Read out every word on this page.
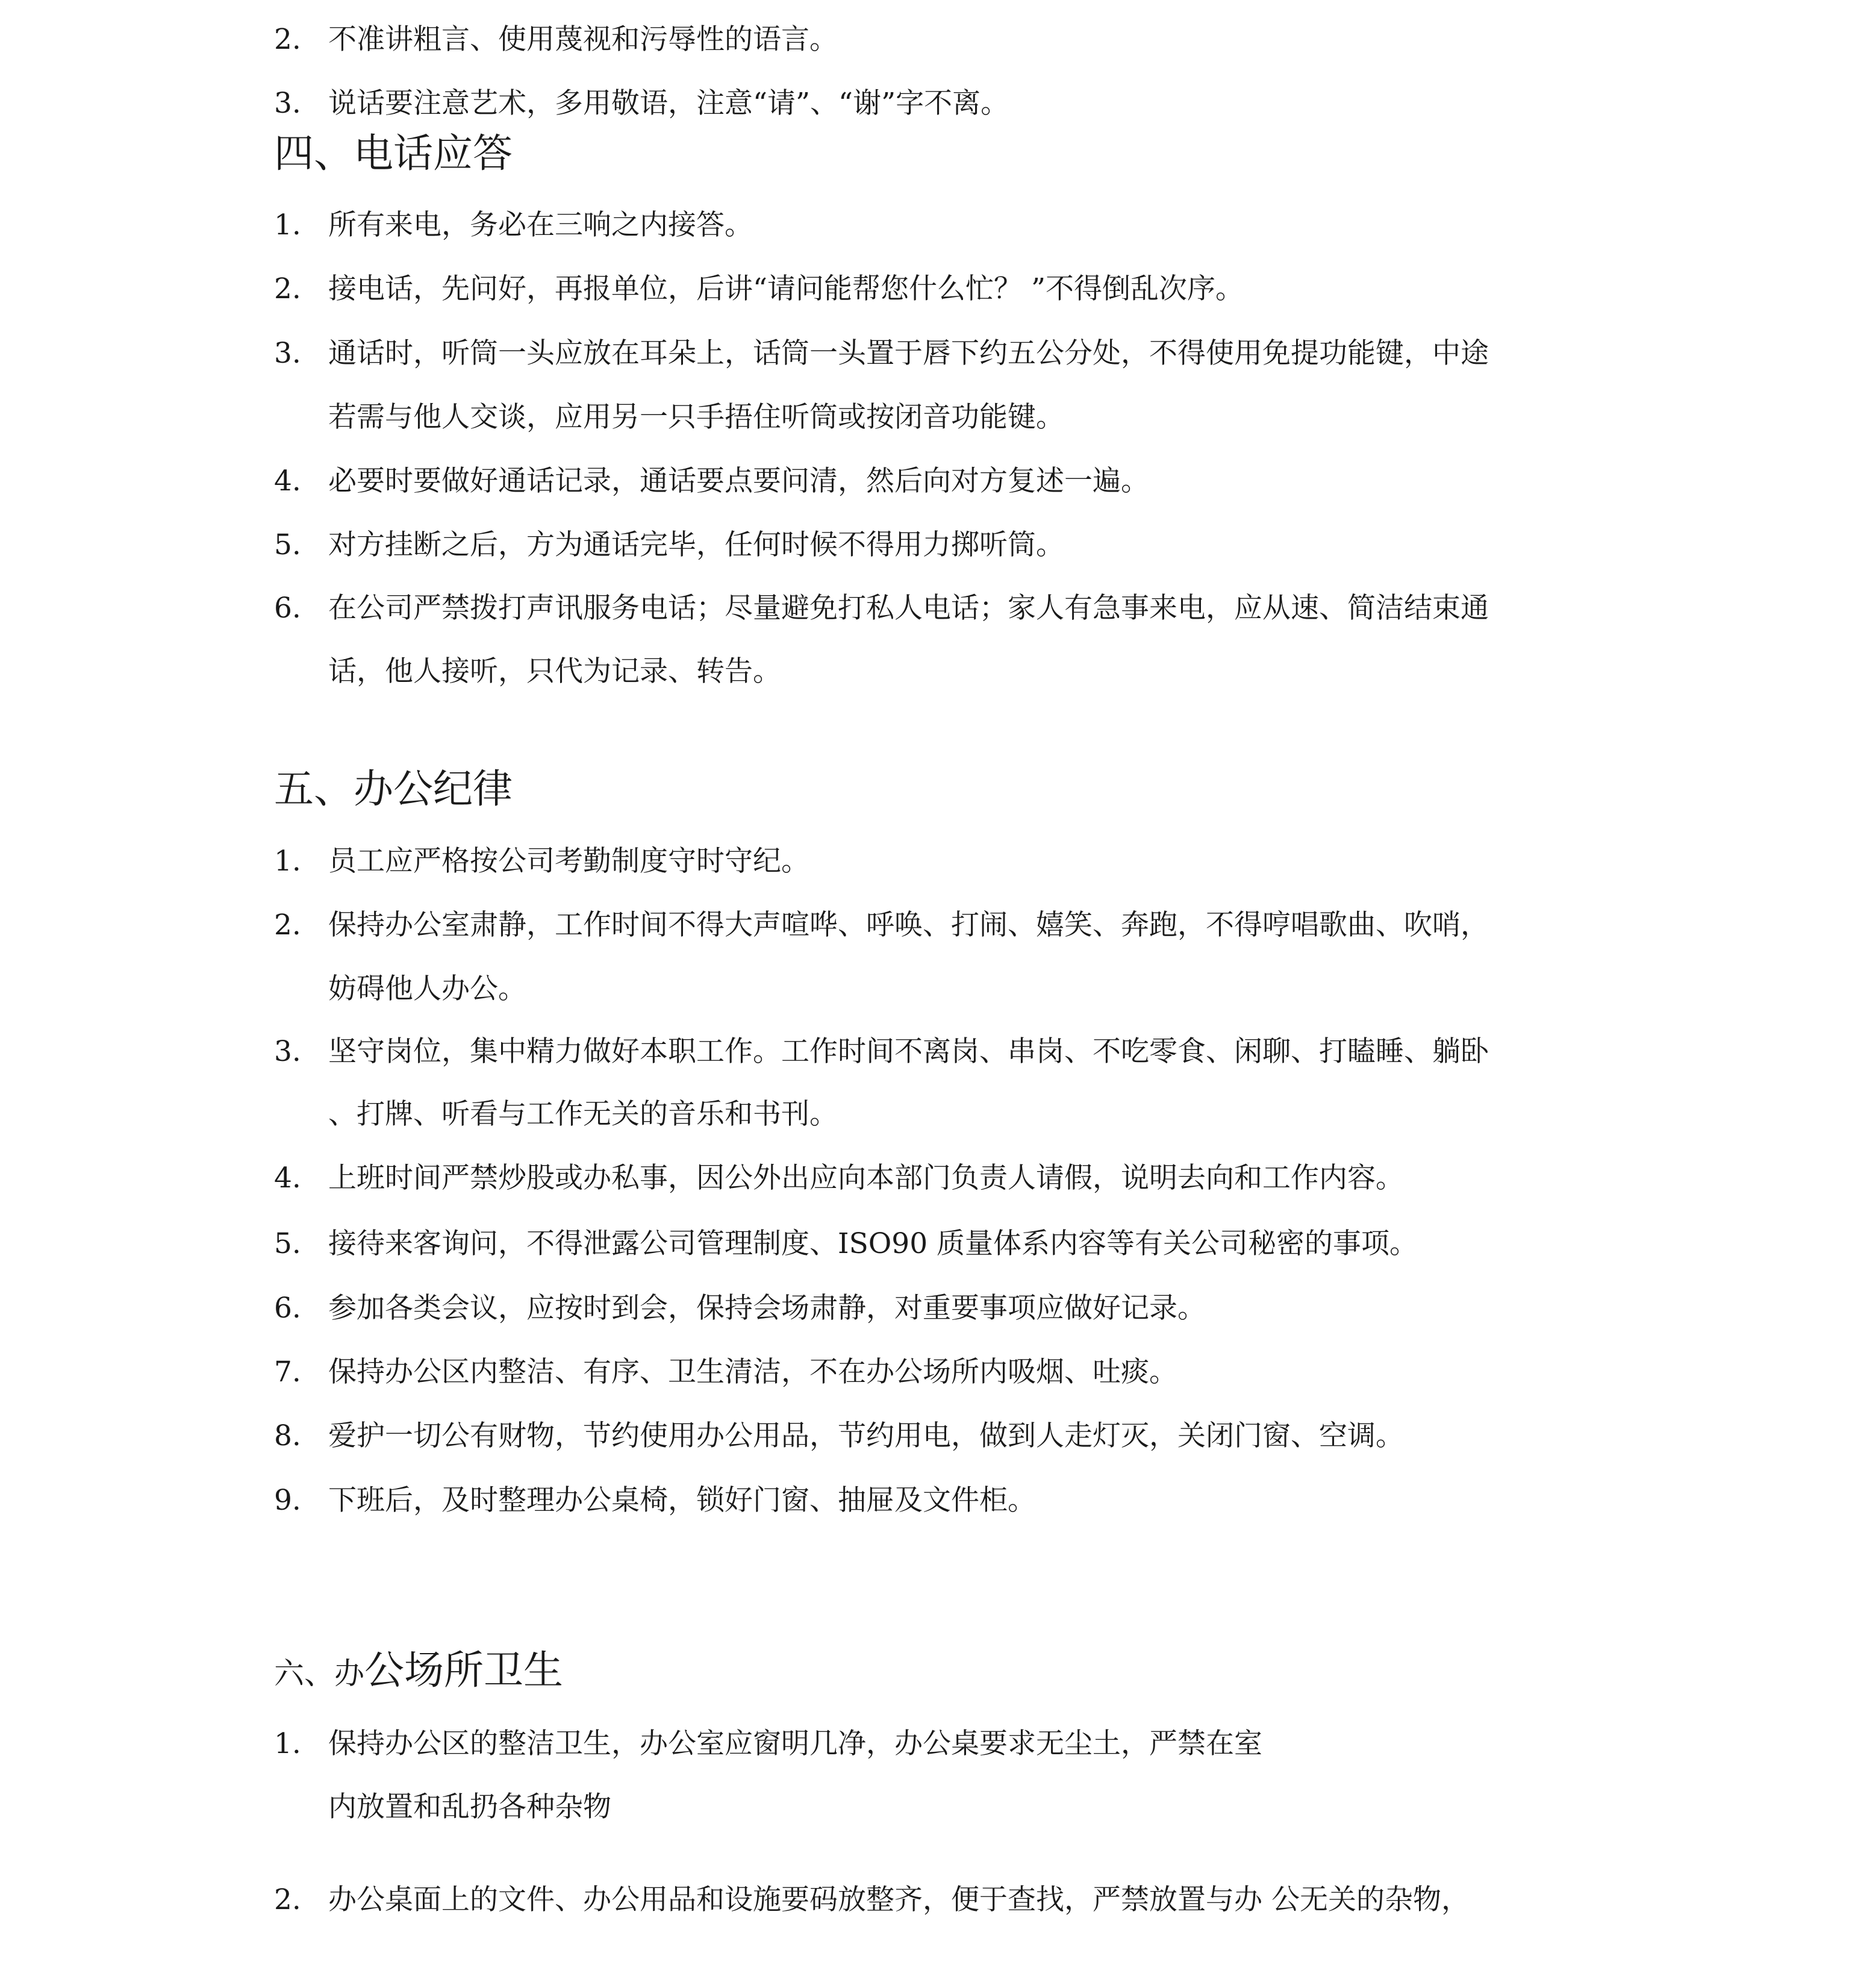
2. 不准讲粗言、使用蔑视和污辱性的语言。

3. 说话要注意艺术，多用敬语，注意“请”、“谢”字不离。

四、电话应答

1. 所有来电，务必在三响之内接答。

2. 接电话，先问好，再报单位，后讲“请问能帮您什么忙？ ”不得倒乱次序。

3. 通话时，听筒一头应放在耳朵上，话筒一头置于唇下约五公分处，不得使用免提功能键，中途

若需与他人交谈，应用另一只手捂住听筒或按闭音功能键。

4. 必要时要做好通话记录，通话要点要问清，然后向对方复述一遍。

5. 对方挂断之后，方为通话完毕，任何时候不得用力掷听筒。

6. 在公司严禁拨打声讯服务电话；尽量避免打私人电话；家人有急事来电，应从速、简洁结束通

话，他人接听，只代为记录、转告。

五、办公纪律

1. 员工应严格按公司考勤制度守时守纪。

2. 保持办公室肃静，工作时间不得大声喧哗、呼唤、打闹、嬉笑、奔跑，不得哼唱歌曲、吹哨，

妨碍他人办公。

3. 坚守岗位，集中精力做好本职工作。工作时间不离岗、串岗、不吃零食、闲聊、打瞌睡、躺卧

、打牌、听看与工作无关的音乐和书刊。

4. 上班时间严禁炒股或办私事，因公外出应向本部门负责人请假，说明去向和工作内容。

5. 接待来客询问，不得泄露公司管理制度、ISO90 质量体系内容等有关公司秘密的事项。

6. 参加各类会议，应按时到会，保持会场肃静，对重要事项应做好记录。

7. 保持办公区内整洁、有序、卫生清洁，不在办公场所内吸烟、吐痰。

8. 爱护一切公有财物，节约使用办公用品，节约用电，做到人走灯灭，关闭门窗、空调。

9. 下班后，及时整理办公桌椅，锁好门窗、抽屉及文件柜。

六、办公场所卫生

1. 保持办公区的整洁卫生，办公室应窗明几净，办公桌要求无尘土，严禁在室

内放置和乱扔各种杂物

2. 办公桌面上的文件、办公用品和设施要码放整齐，便于查找，严禁放置与办 公无关的杂物，
